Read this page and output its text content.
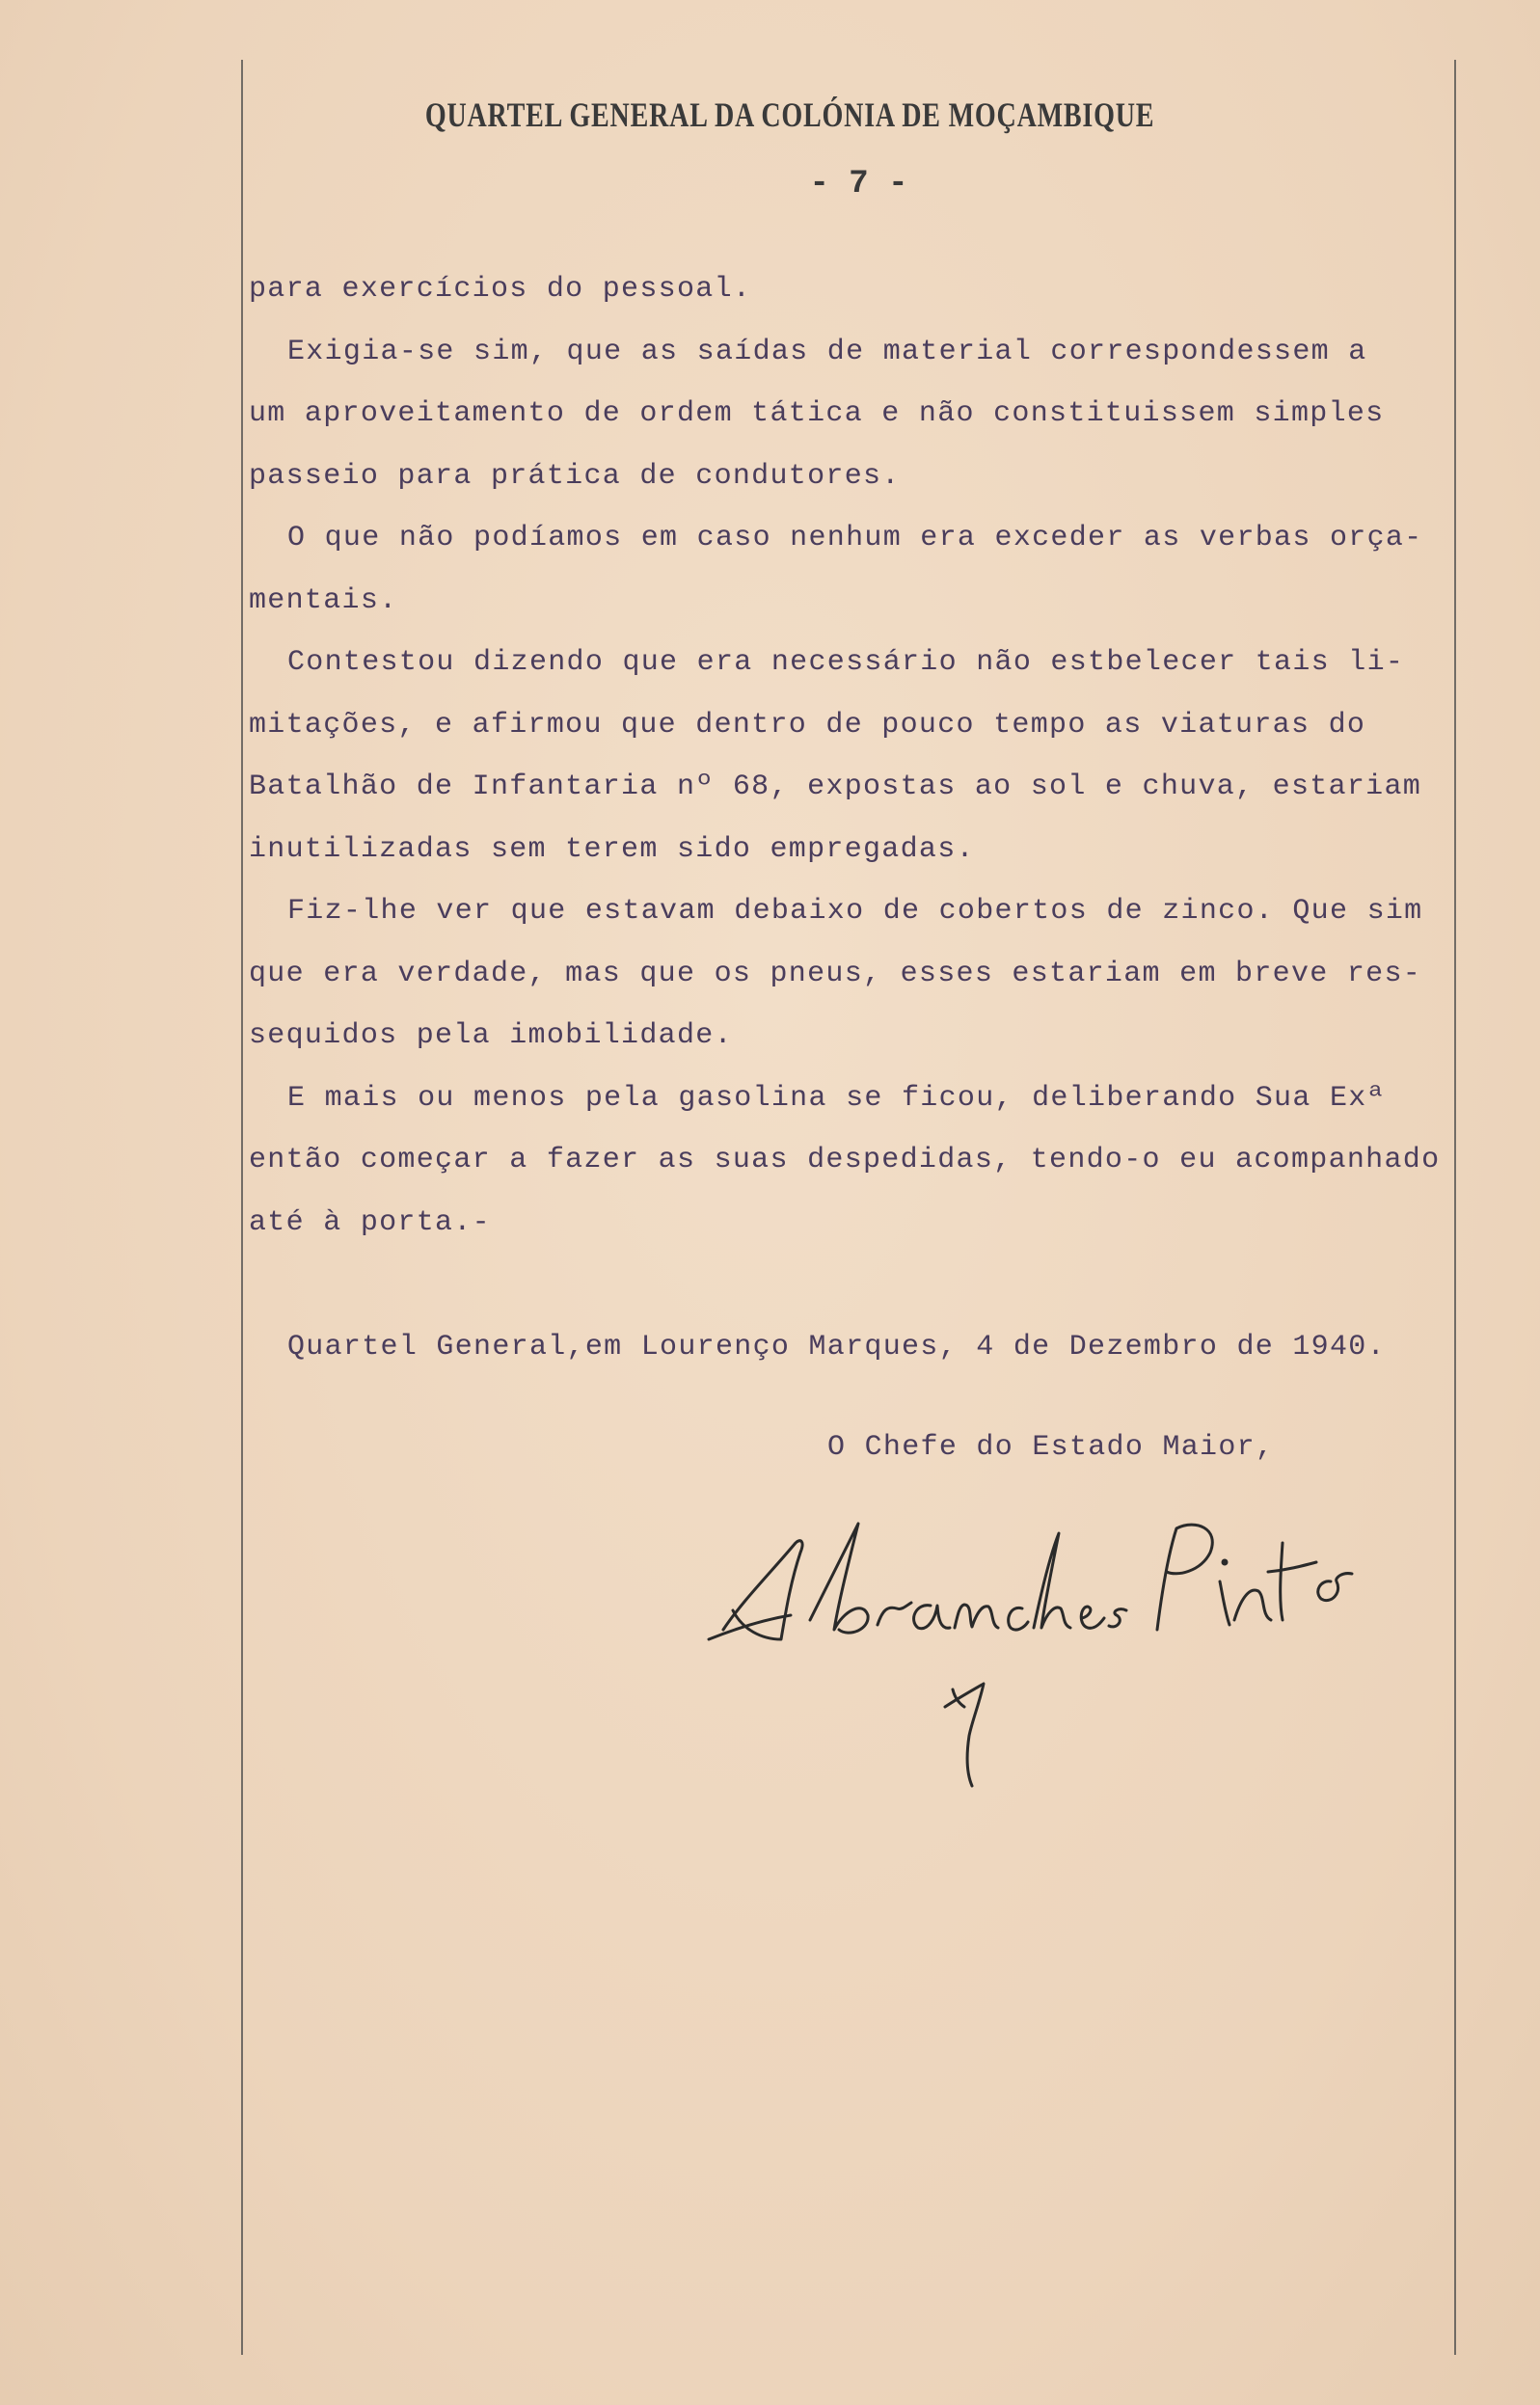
QUARTEL GENERAL DA COLÓNIA DE MOÇAMBIQUE
- 7 -
para exercícios do pessoal.
Exigia-se sim, que as saídas de material correspondessem a
um aproveitamento de ordem tática e não constituissem simples
passeio para prática de condutores.
O que não podíamos em caso nenhum era exceder as verbas orça-
mentais.
Contestou dizendo que era necessário não estbelecer tais li-
mitações, e afirmou que dentro de pouco tempo as viaturas do
Batalhão de Infantaria nº 68, expostas ao sol e chuva, estariam
inutilizadas sem terem sido empregadas.
Fiz-lhe ver que estavam debaixo de cobertos de zinco. Que sim
que era verdade, mas que os pneus, esses estariam em breve res-
sequidos pela imobilidade.
E mais ou menos pela gasolina se ficou, deliberando Sua Exª
então começar a fazer as suas despedidas, tendo-o eu acompanhado
até à porta.-
Quartel General,em Lourenço Marques, 4 de Dezembro de 1940.
O Chefe do Estado Maior,
